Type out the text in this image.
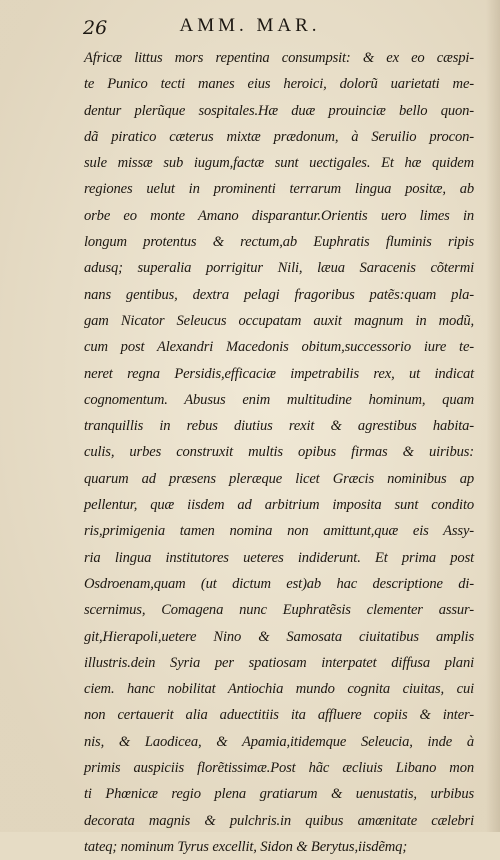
26	AMM. MAR.
Africæ littus mors repentina consumpsit: & ex eo cæspi-
te Punico tecti manes eius heroici, dolorũ uarietati me-
dentur plerũque sospitales.Hæ duæ prouinciæ bello quon-
dã piratico cæterus mixtæ prædonum, à Seruilio procon-
sule missæ sub iugum,factæ sunt uectigales. Et hæ quidem
regiones uelut in prominenti terrarum lingua positæ, ab
orbe eo monte Amano disparantur.Orientis uero limes in
longum protentus & rectum,ab Euphratis fluminis ripis
adusq; superalia porrigitur Nili, læua Saracenis cõtermi
nans gentibus, dextra pelagi fragoribus patẽs:quam pla-
gam Nicator Seleucus occupatam auxit magnum in modũ,
cum post Alexandri Macedonis obitum,successorio iure te-
neret regna Persidis,efficaciæ impetrabilis rex, ut indicat
cognomentum. Abusus enim multitudine hominum, quam
tranquillis in rebus diutius rexit & agrestibus habita-
culis, urbes construxit multis opibus firmas & uiribus:
quarum ad præsens pleræque licet Græcis nominibus ap
pellentur, quæ iisdem ad arbitrium imposita sunt condito
ris,primigenia tamen nomina non amittunt,quæ eis Assy-
ria lingua institutores ueteres indiderunt. Et prima post
Osdroenam,quam (ut dictum est)ab hac descriptione di-
scernimus, Comagena nunc Euphratẽsis clementer assur-
git,Hierapoli,uetere Nino & Samosata ciuitatibus amplis
illustris.dein Syria per spatiosam interpatet diffusa plani
ciem. hanc nobilitat Antiochia mundo cognita ciuitas, cui
non certauerit alia aduectitiis ita affluere copiis & inter-
nis, & Laodicea, & Apamia,itidemque Seleucia, inde à
primis auspiciis florẽtissimæ.Post hãc æcliuis Libano mon
ti Phœnicæ regio plena gratiarum & uenustatis, urbibus
decorata magnis & pulchris.in quibus amœnitate cælebri
tateq; nominum Tyrus excellit, Sidon & Berytus,iisdẽmq;
